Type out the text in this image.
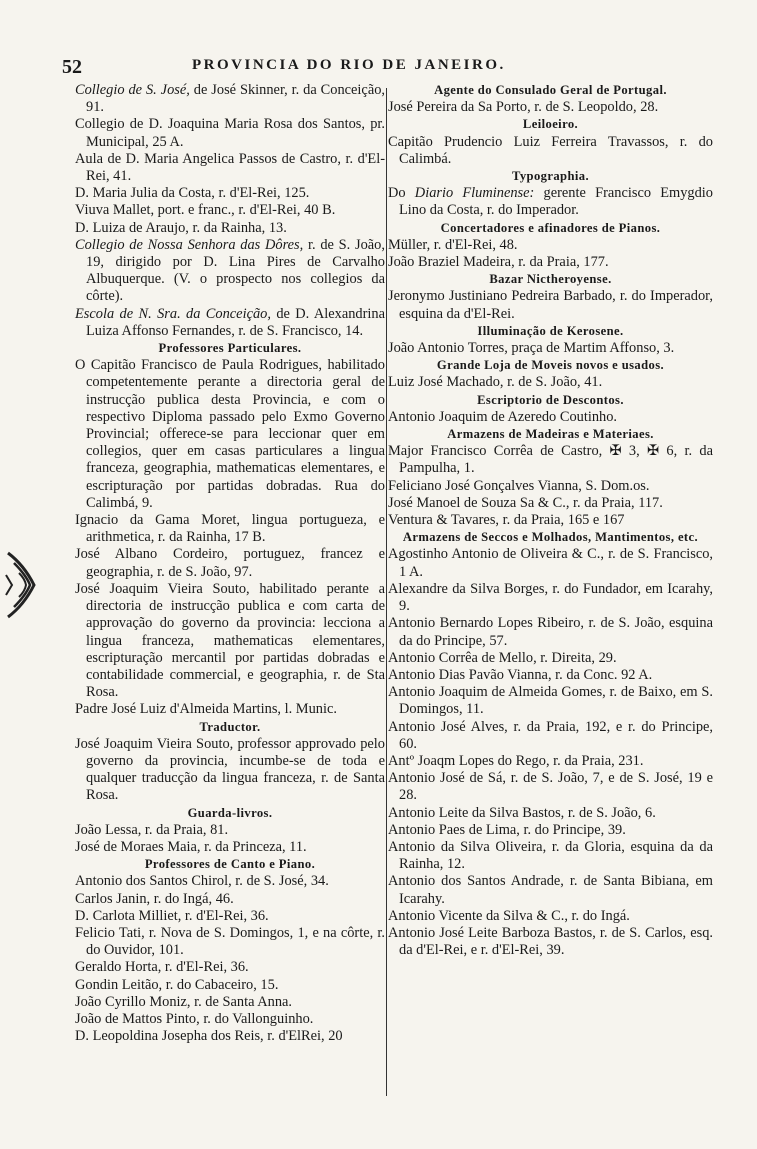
52	PROVINCIA DO RIO DE JANEIRO.
Collegio de S. José, de José Skinner, r. da Conceição, 91.
Collegio de D. Joaquina Maria Rosa dos Santos, pr. Municipal, 25 A.
Aula de D. Maria Angelica Passos de Castro, r. d'El-Rei, 41.
D. Maria Julia da Costa, r. d'El-Rei, 125.
Viuva Mallet, port. e franc., r. d'El-Rei, 40 B.
D. Luiza de Araujo, r. da Rainha, 13.
Collegio de Nossa Senhora das Dôres, r. de S. João, 19, dirigido por D. Lina Pires de Carvalho Albuquerque. (V. o prospecto nos collegios da côrte).
Escola de N. Sra. da Conceição, de D. Alexandrina Luiza Affonso Fernandes, r. de S. Francisco, 14.
Professores Particulares.
O Capitão Francisco de Paula Rodrigues, habilitado competentemente perante a directoria geral de instrucção publica desta Provincia, e com o respectivo Diploma passado pelo Exmo Governo Provincial; offerece-se para leccionar quer em collegios, quer em casas particulares a lingua franceza, geographia, mathematicas elementares, e escripturação por partidas dobradas. Rua do Calimbá, 9.
Ignacio da Gama Moret, lingua portugueza, e arithmetica, r. da Rainha, 17 B.
José Albano Cordeiro, portuguez, francez e geographia, r. de S. João, 97.
José Joaquim Vieira Souto, habilitado perante a directoria de instrucção publica e com carta de approvação do governo da provincia: lecciona a lingua franceza, mathematicas elementares, escripturação mercantil por partidas dobradas e contabilidade commercial, e geographia, r. de Sta Rosa.
Padre José Luiz d'Almeida Martins, l. Munic.
Traductor.
José Joaquim Vieira Souto, professor approvado pelo governo da provincia, incumbe-se de toda e qualquer traducção da lingua franceza, r. de Santa Rosa.
Guarda-livros.
João Lessa, r. da Praia, 81.
José de Moraes Maia, r. da Princeza, 11.
Professores de Canto e Piano.
Antonio dos Santos Chirol, r. de S. José, 34.
Carlos Janin, r. do Ingá, 46.
D. Carlota Milliet, r. d'El-Rei, 36.
Felicio Tati, r. Nova de S. Domingos, 1, e na côrte, r. do Ouvidor, 101.
Geraldo Horta, r. d'El-Rei, 36.
Gondin Leitão, r. do Cabaceiro, 15.
João Cyrillo Moniz, r. de Santa Anna.
João de Mattos Pinto, r. do Vallonguinho.
D. Leopoldina Josepha dos Reis, r. d'ElRei, 20
Agente do Consulado Geral de Portugal.
José Pereira da Sa Porto, r. de S. Leopoldo, 28.
Leiloeiro.
Capitão Prudencio Luiz Ferreira Travassos, r. do Calimbá.
Typographia.
Do Diario Fluminense: gerente Francisco Emygdio Lino da Costa, r. do Imperador.
Concertadores e afinadores de Pianos.
Müller, r. d'El-Rei, 48.
João Braziel Madeira, r. da Praia, 177.
Bazar Nictheroyense.
Jeronymo Justiniano Pedreira Barbado, r. do Imperador, esquina da d'El-Rei.
Illuminação de Kerosene.
João Antonio Torres, praça de Martim Affonso, 3.
Grande Loja de Moveis novos e usados.
Luiz José Machado, r. de S. João, 41.
Escriptorio de Descontos.
Antonio Joaquim de Azeredo Coutinho.
Armazens de Madeiras e Materiaes.
Major Francisco Corrêa de Castro, ✠ 3, ✠ 6, r. da Pampulha, 1.
Feliciano José Gonçalves Vianna, S. Dom.os.
José Manoel de Souza Sa & C., r. da Praia, 117.
Ventura & Tavares, r. da Praia, 165 e 167
Armazens de Seccos e Molhados, Mantimentos, etc.
Agostinho Antonio de Oliveira & C., r. de S. Francisco, 1 A.
Alexandre da Silva Borges, r. do Fundador, em Icarahy, 9.
Antonio Bernardo Lopes Ribeiro, r. de S. João, esquina da do Principe, 57.
Antonio Corrêa de Mello, r. Direita, 29.
Antonio Dias Pavão Vianna, r. da Conc. 92 A.
Antonio Joaquim de Almeida Gomes, r. de Baixo, em S. Domingos, 11.
Antonio José Alves, r. da Praia, 192, e r. do Principe, 60.
Antº Joaqm Lopes do Rego, r. da Praia, 231.
Antonio José de Sá, r. de S. João, 7, e de S. José, 19 e 28.
Antonio Leite da Silva Bastos, r. de S. João, 6.
Antonio Paes de Lima, r. do Principe, 39.
Antonio da Silva Oliveira, r. da Gloria, esquina da da Rainha, 12.
Antonio dos Santos Andrade, r. de Santa Bibiana, em Icarahy.
Antonio Vicente da Silva & C., r. do Ingá.
Antonio José Leite Barboza Bastos, r. de S. Carlos, esq. da d'El-Rei, e r. d'El-Rei, 39.
